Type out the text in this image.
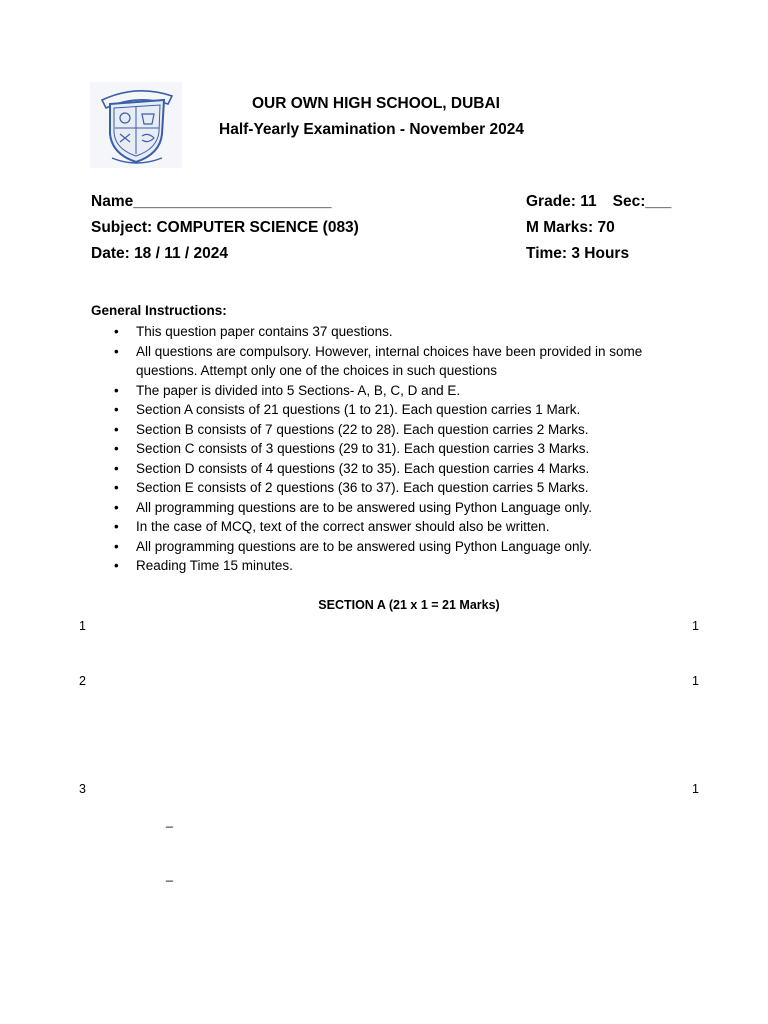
OUR OWN HIGH SCHOOL, DUBAI
Half-Yearly Examination - November 2024
Name_______________________	Grade: 11 Sec:___
Subject: COMPUTER SCIENCE (083)	M Marks: 70
Date: 18 / 11 / 2024	Time: 3 Hours
General Instructions:
• This question paper contains 37 questions.
• All questions are compulsory. However, internal choices have been provided in some questions. Attempt only one of the choices in such questions
• The paper is divided into 5 Sections- A, B, C, D and E.
• Section A consists of 21 questions (1 to 21). Each question carries 1 Mark.
• Section B consists of 7 questions (22 to 28). Each question carries 2 Marks.
• Section C consists of 3 questions (29 to 31). Each question carries 3 Marks.
• Section D consists of 4 questions (32 to 35). Each question carries 4 Marks.
• Section E consists of 2 questions (36 to 37). Each question carries 5 Marks.
• All programming questions are to be answered using Python Language only.
• In the case of MCQ, text of the correct answer should also be written.
• All programming questions are to be answered using Python Language only.
• Reading Time 15 minutes.
SECTION A (21 x 1 = 21 Marks)
1	1
2	1
3	1
_
_
